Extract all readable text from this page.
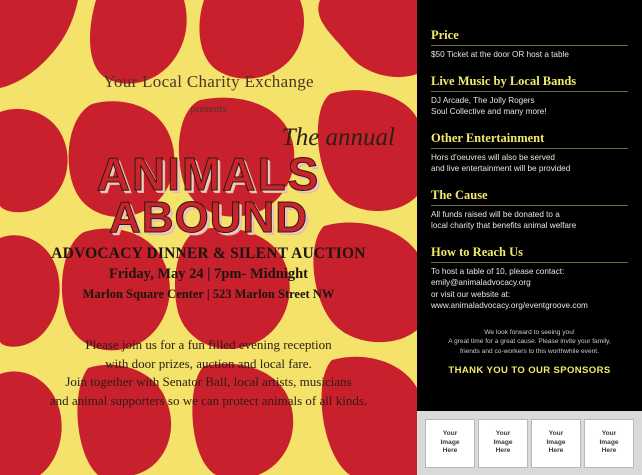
Your Local Charity Exchange
presents
The annual
ANIMALS
ABOUND
ADVOCACY DINNER & SILENT AUCTION
Friday, May 24 | 7pm- Midnight
Marlon Square Center | 523 Marlon Street NW
Please join us for a fun filled evening reception
with door prizes, auction and local fare.
Join together with Senator Ball, local artists, musicians
and animal supporters so we can protect animals of all kinds.
Price
$50 Ticket at the door OR host a table
Live Music by Local Bands
DJ Arcade, The Jolly Rogers
Soul Collective and many more!
Other Entertainment
Hors d'oeuvres will also be served
and live entertainment will be provided
The Cause
All funds raised will be donated to a
local charity that benefits animal welfare
How to Reach Us
To host a table of 10, please contact:
emily@animaladvocacy.org
or visit our website at:
www.animaladvocacy.org/eventgroove.com
We look forward to seeing you!
A great time for a great cause. Please invite your family,
friends and co-workers to this worthwhile event.
THANK YOU TO OUR SPONSORS
Your
Image
Here
Your
Image
Here
Your
Image
Here
Your
Image
Here
